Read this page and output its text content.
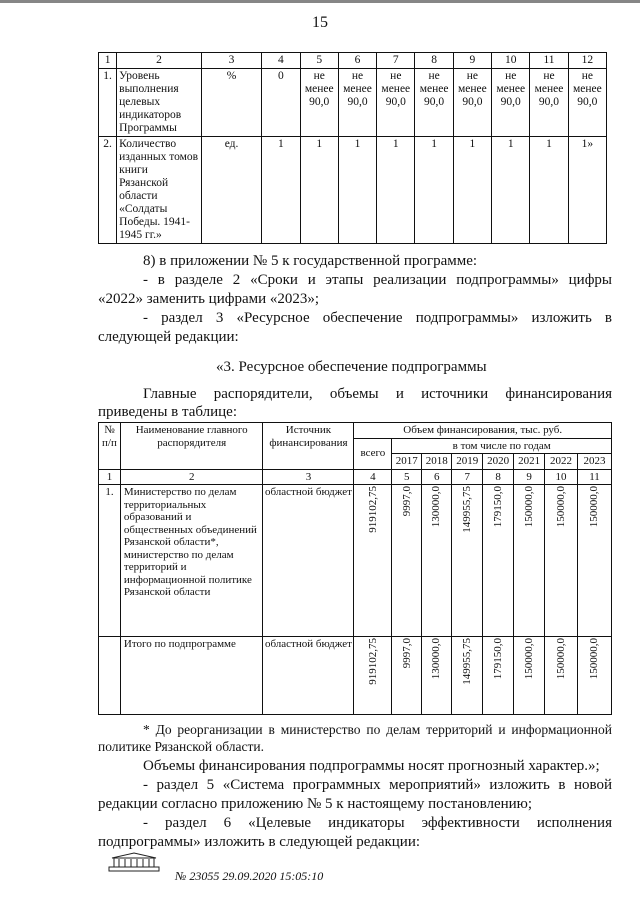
15
1	2	3	4	5	6	7	8	9	10	11	12
1.	Уровень выполнения целевых индикаторов Программы	%	0	не менее 90,0	не менее 90,0	не менее 90,0	не менее 90,0	не менее 90,0	не менее 90,0	не менее 90,0	не менее 90,0
2.	Количество изданных томов книги Рязанской области «Солдаты Победы. 1941-1945 гг.»	ед.	1	1	1	1	1	1	1	1	1»
8) в приложении № 5 к государственной программе:
- в разделе 2 «Сроки и этапы реализации подпрограммы» цифры
«2022» заменить цифрами «2023»;
- раздел 3 «Ресурсное обеспечение подпрограммы» изложить в
следующей редакции:
«3. Ресурсное обеспечение подпрограммы
Главные распорядители, объемы и источники финансирования
приведены в таблице:
№ п/п	Наименование главного распорядителя	Источник финансирования	Объем финансирования, тыс. руб.							
			всего	в том числе по годам						
				2017	2018	2019	2020	2021	2022	2023
1	2	3	4	5	6	7	8	9	10	11
1.	Министерство по делам территориальных образований и общественных объединений Рязанской области*, министерство по делам территорий и информационной политике Рязанской области	областной бюджет	919102,75	9997,0	130000,0	149955,75	179150,0	150000,0	150000,0	150000,0
	Итого по подпрограмме	областной бюджет	919102,75	9997,0	130000,0	149955,75	179150,0	150000,0	150000,0	150000,0
* До реорганизации в министерство по делам территорий и информационной
политике Рязанской области.
Объемы финансирования подпрограммы носят прогнозный характер.»;
- раздел 5 «Система программных мероприятий» изложить в новой
редакции согласно приложению № 5 к настоящему постановлению;
- раздел 6 «Целевые индикаторы эффективности исполнения
подпрограммы» изложить в следующей редакции:
№ 23055 29.09.2020 15:05:10
